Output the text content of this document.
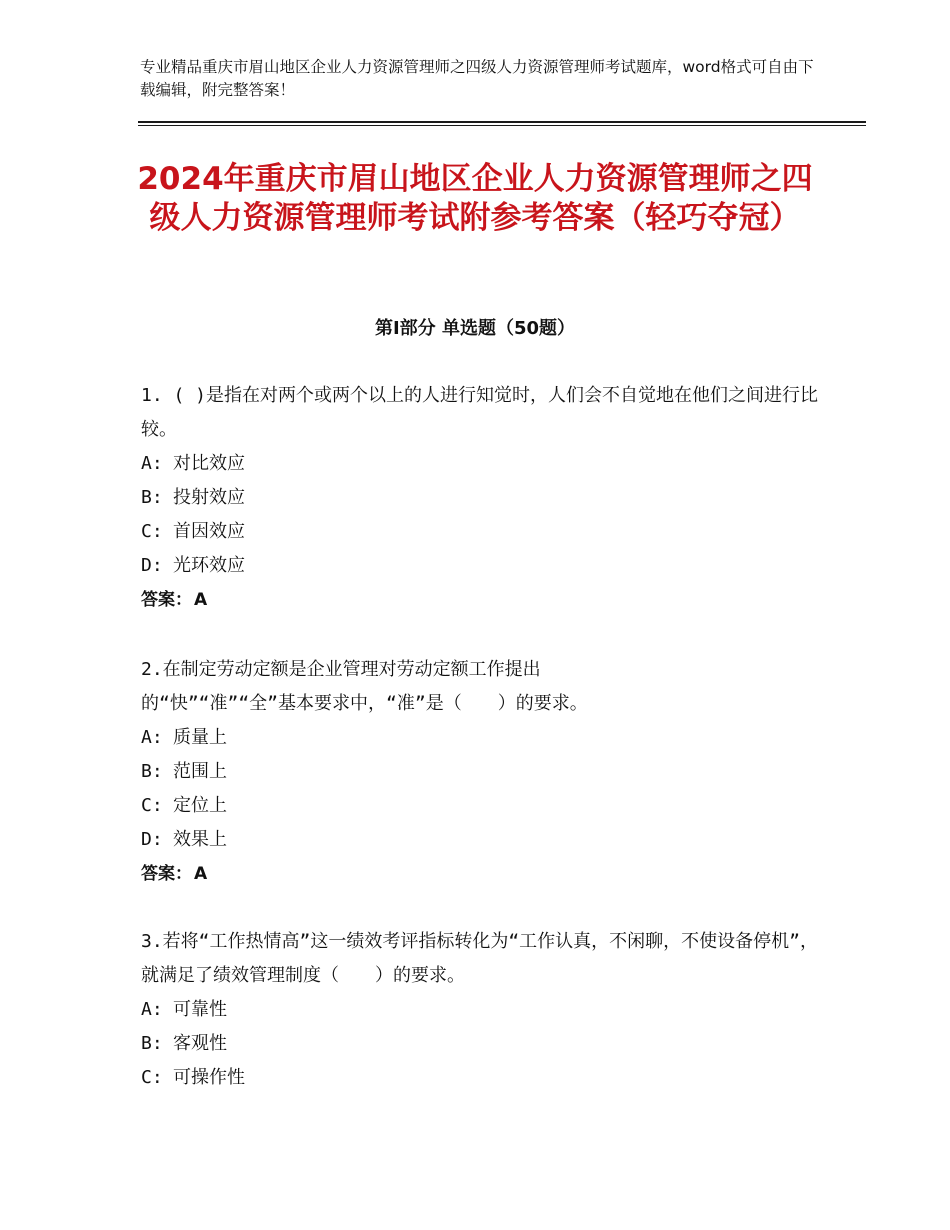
专业精品重庆市眉山地区企业人力资源管理师之四级人力资源管理师考试题库，word格式可自由下载编辑，附完整答案！
2024年重庆市眉山地区企业人力资源管理师之四级人力资源管理师考试附参考答案（轻巧夺冠）
第Ⅰ部分 单选题（50题）
1. ( )是指在对两个或两个以上的人进行知觉时，人们会不自觉地在他们之间进行比较。
A: 对比效应
B: 投射效应
C: 首因效应
D: 光环效应
答案： A
2.在制定劳动定额是企业管理对劳动定额工作提出
的“快”“准”“全”基本要求中，“准”是（　　）的要求。
A: 质量上
B: 范围上
C: 定位上
D: 效果上
答案： A
3.若将“工作热情高”这一绩效考评指标转化为“工作认真，不闲聊，不使设备停机”，就满足了绩效管理制度（　　）的要求。
A: 可靠性
B: 客观性
C: 可操作性
